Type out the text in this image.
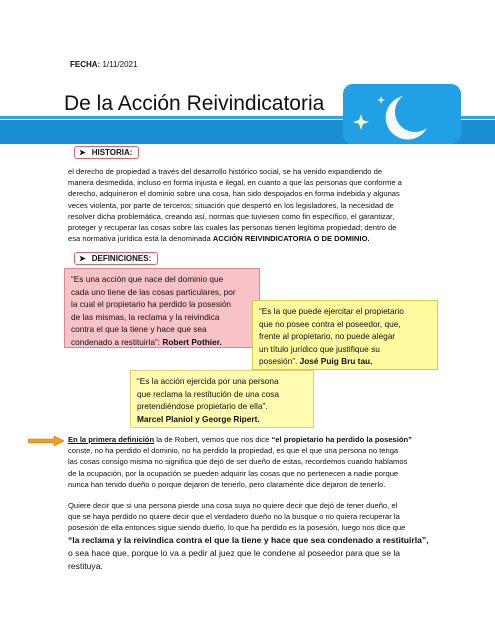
FECHA: 1/11/2021
De la Acción Reivindicatoria
➤ HISTORIA:
el derecho de propiedad a través del desarrollo histórico social, se ha venido expandiendo de
manera desmedida, incluso en forma injusta e ilegal, en cuanto a que las personas que conforme a
derecho, adquirieron el dominio sobre una cosa, han sido despojados en forma indebida y algunas
veces violenta, por parte de terceros; situación que despertó en los legisladores, la necesidad de
resolver dicha problemática, creando así, normas que tuviesen como fin específico, el garantizar,
proteger y recuperar las cosas sobre las cuales las personas tienen legítima propiedad; dentro de
esa normativa jurídica está la denominada ACCIÓN REIVINDICATORIA O DE DOMINIO.
➤ DEFINICIONES:
“Es una acción que nace del dominio que
cada uno tiene de las cosas particulares, por
la cual el propietario ha perdido la posesión
de las mismas, la reclama y la reivindica
contra el que la tiene y hace que sea
condenado a restituirla”: Robert Pothier.
“Es la que puede ejercitar el propietario
que no posee contra el poseedor, que,
frente al propietario, no puede alegar
un título jurídico que justifique su
posesión”. José Puig Bru tau.
“Es la acción ejercida por una persona
que reclama la restitución de una cosa
pretendiéndose propietario de ella”.
Marcel Planiol y George Ripert.
En la primera definición la de Robert, vemos que nos dice “el propietario ha perdido la posesión”
conste, no ha perdido el dominio, no ha perdido la propiedad, es que el que una persona no tenga
las cosas consigo misma no significa que dejó de ser dueño de estas, recordemos cuando hablamos
de la ocupación, por la ocupación se pueden adquirir las cosas que no pertenecen a nadie porque
nunca han tenido dueño o porque dejaron de tenerlo, pero claramente dice dejaron de tenerlo.
Quiere decir que si una persona pierde una cosa suya no quiere decir que dejó de tener dueño, el
que se haya perdido no quiere decir que el verdadero dueño no la busque o no quiera recuperar la
posesión de ella entonces sigue siendo dueño, lo que ha perdido es la posesión, luego nos dice que
“la reclama y la reivindica contra el que la tiene y hace que sea condenado a restituirla”,
o sea hace que, porque lo va a pedir al juez que le condene al poseedor para que se la
restituya.
